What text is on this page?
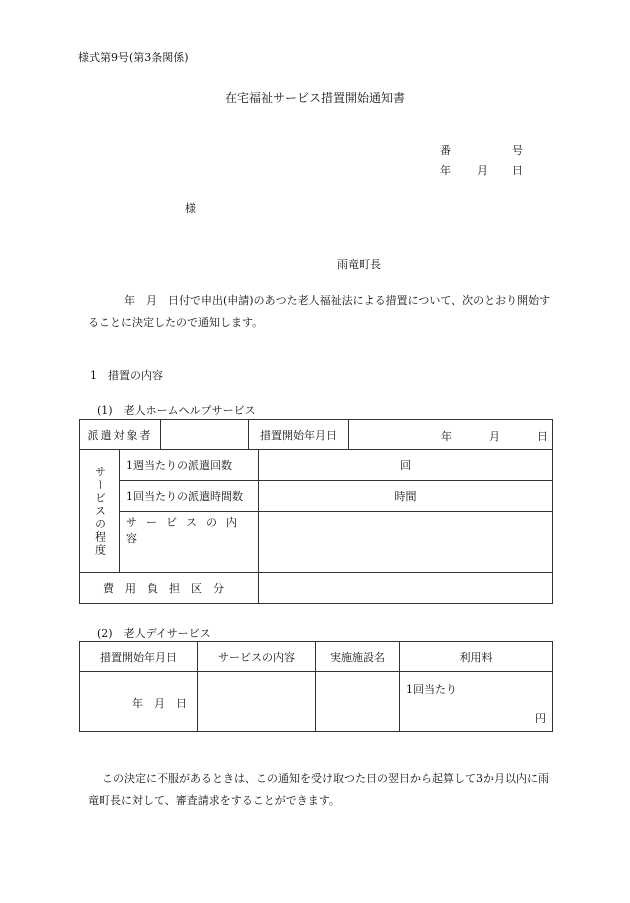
様式第9号(第3条関係)
在宅福祉サービス措置開始通知書
番	号
年 月 日
様
雨竜町長
年　月　日付で申出(申請)のあつた老人福祉法による措置について、次のとおり開始することに決定したので通知します。
1　措置の内容
(1)　老人ホームヘルプサービス
派遣対象者			措置開始年月日		年 月 日

サービスの程度	1週当たりの派遣回数			回	
	1回当たりの派遣時間数			時間	
	サービスの内容				
費用負担区分					
(2)　老人デイサービス
措置開始年月日	サービスの内容	実施施設名	利用料

年　月　日			1回当たり
円
この決定に不服があるときは、この通知を受け取つた日の翌日から起算して3か月以内に雨竜町長に対して、審査請求をすることができます。
